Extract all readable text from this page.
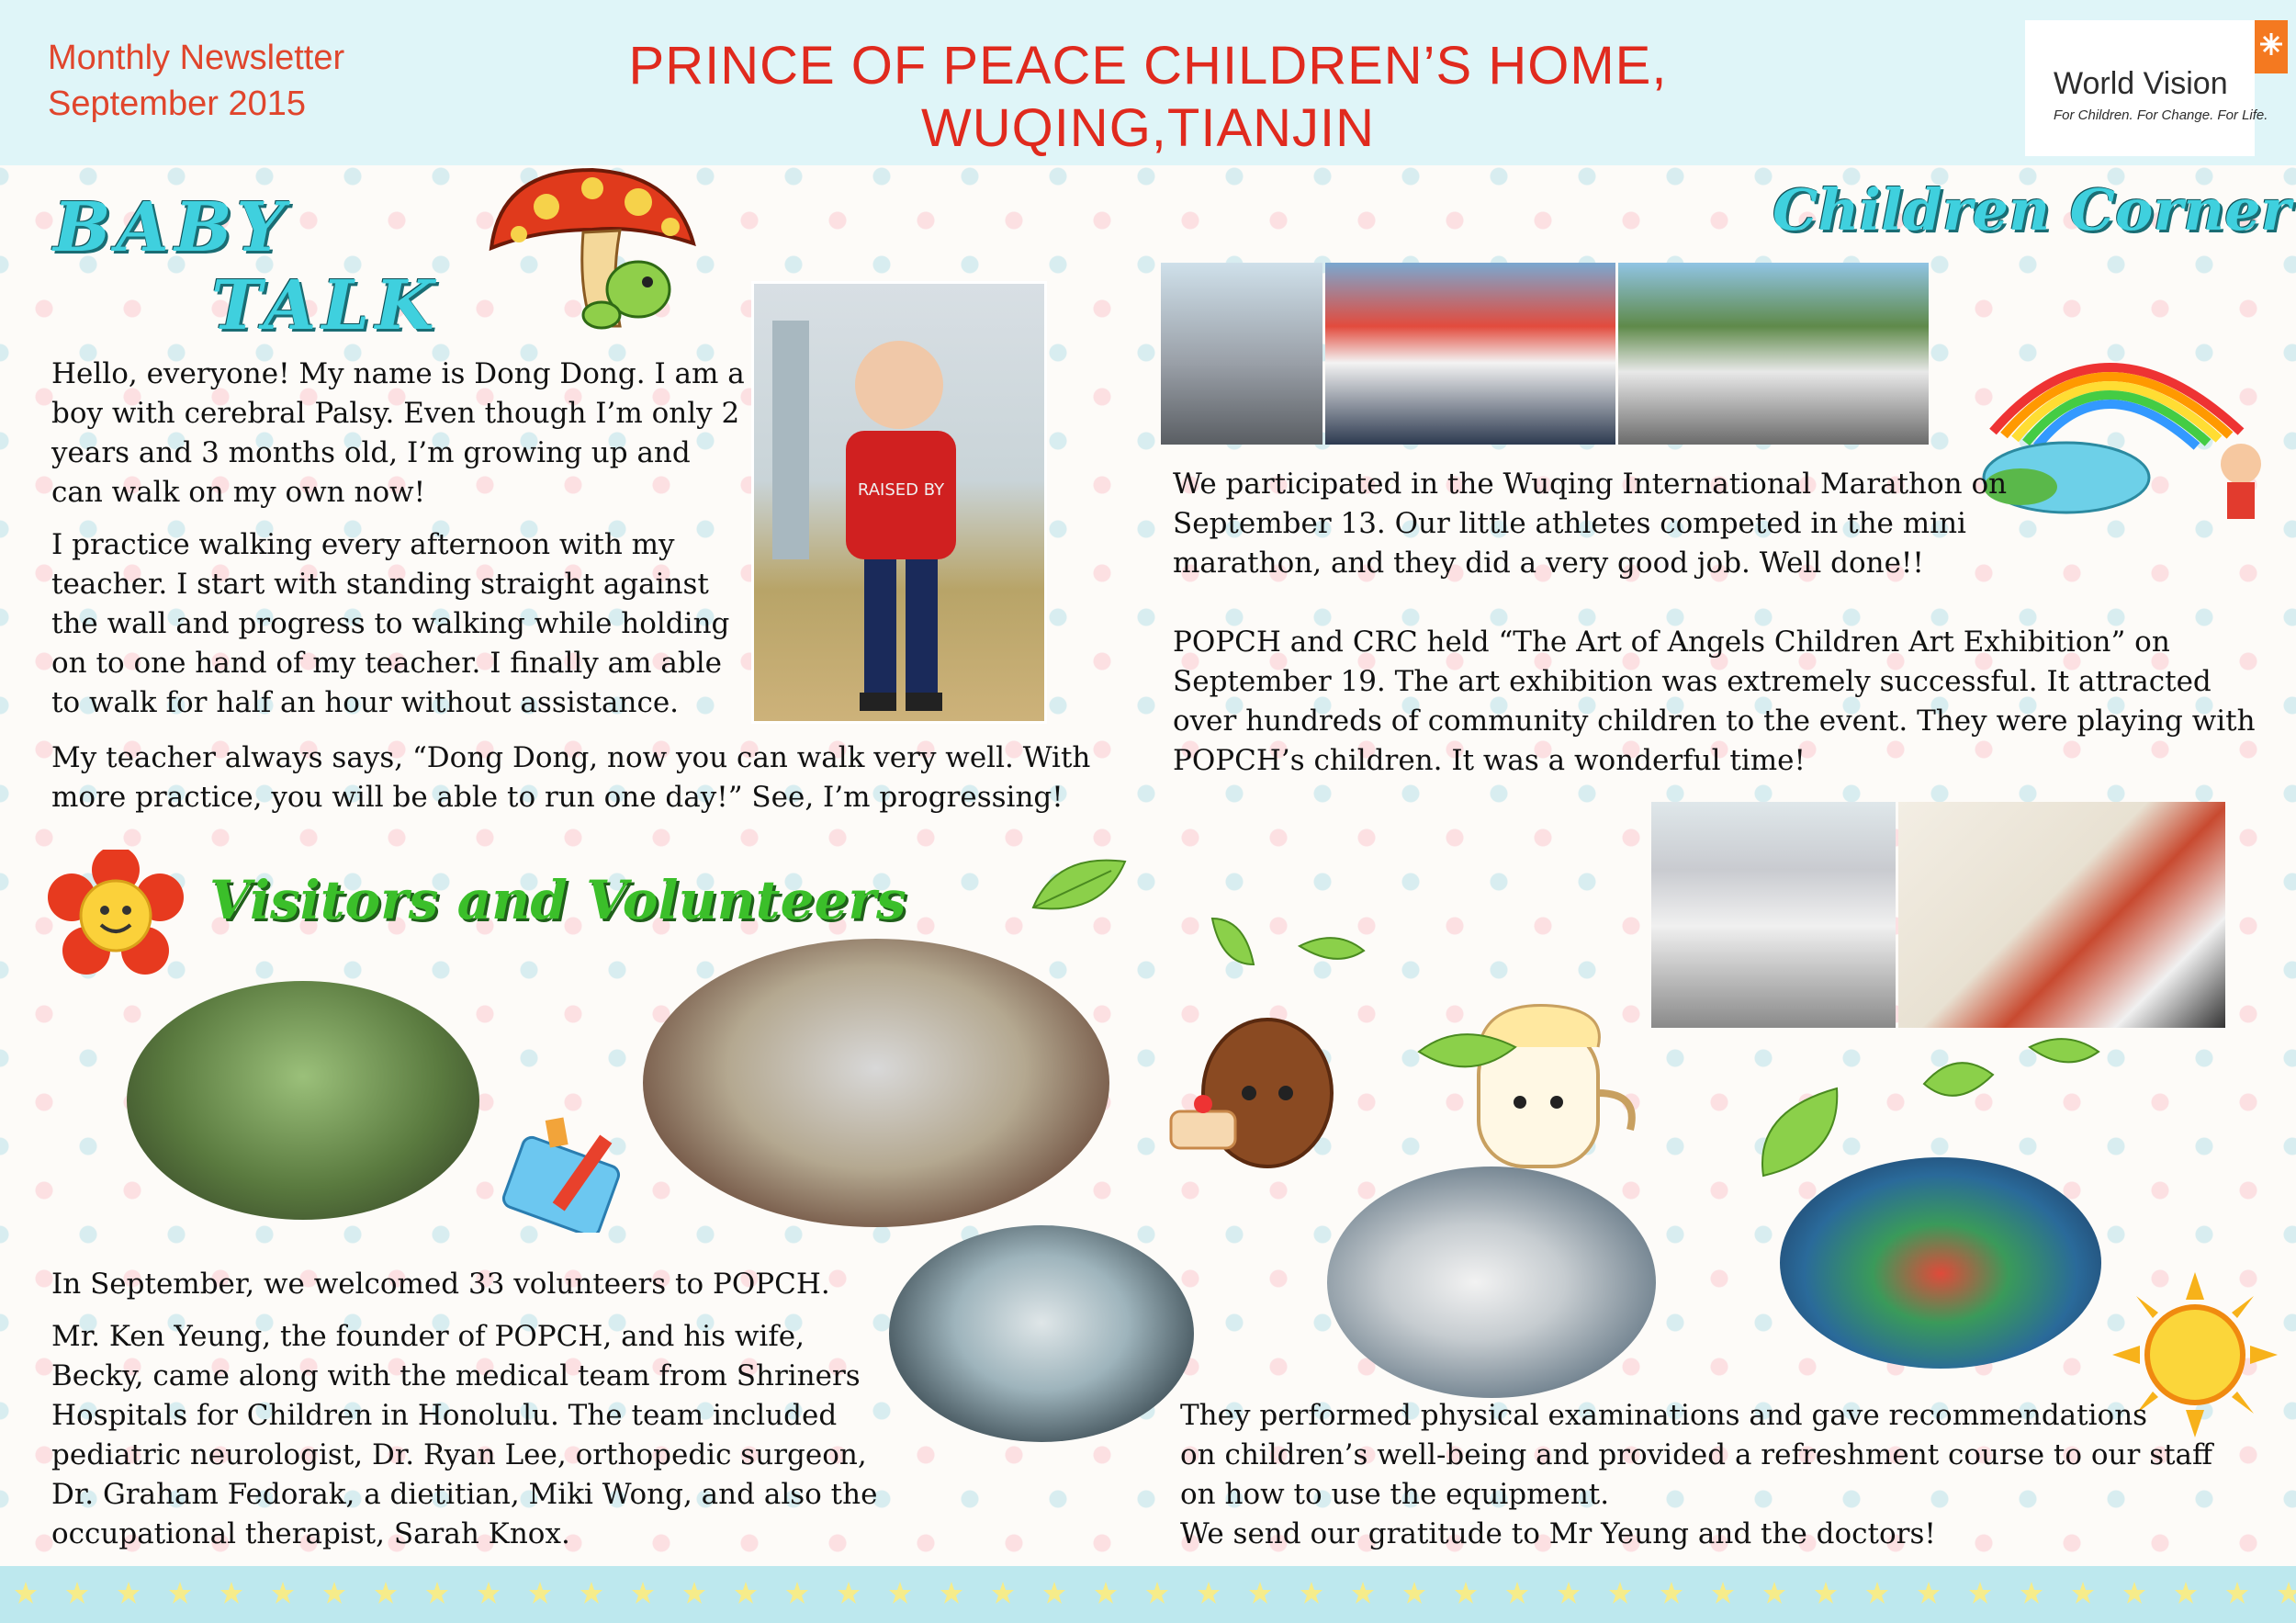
Monthly Newsletter
September 2015
PRINCE OF PEACE CHILDREN’S HOME,
WUQING,TIANJIN
World Vision
For Children. For Change. For Life.
BABY
TALK
RAISED BY

Hello, everyone! My name is Dong Dong. I am a boy with cerebral Palsy. Even though I’m only 2 years and 3 months old, I’m growing up and can walk on my own now!

I practice walking every afternoon with my teacher. I start with standing straight against the wall and progress to walking while holding on to one hand of my teacher. I finally am able to walk for half an hour without assistance.

My teacher always says, “Dong Dong, now you can walk very well. With more practice, you will be able to run one day!” See, I’m progressing!

Children Corner

We participated in the Wuqing International Marathon on September 13. Our little athletes competed in the mini marathon, and they did a very good job. Well done!!

POPCH and CRC held “The Art of Angels Children Art Exhibition” on September 19. The art exhibition was extremely successful. It attracted over hundreds of community children to the event. They were playing with POPCH’s children. It was a wonderful time!

Visitors and Volunteers

In September, we welcomed 33 volunteers to POPCH.

Mr. Ken Yeung, the founder of POPCH, and his wife, Becky, came along with the medical team from Shriners Hospitals for Children in Honolulu. The team included pediatric neurologist, Dr. Ryan Lee, orthopedic surgeon, Dr. Graham Fedorak, a dietitian, Miki Wong, and also the occupational therapist, Sarah Knox.

They performed physical examinations and gave recommendations
on children’s well-being and provided a refreshment course to our staff
on how to use the equipment.
We send our gratitude to Mr Yeung and the doctors!
